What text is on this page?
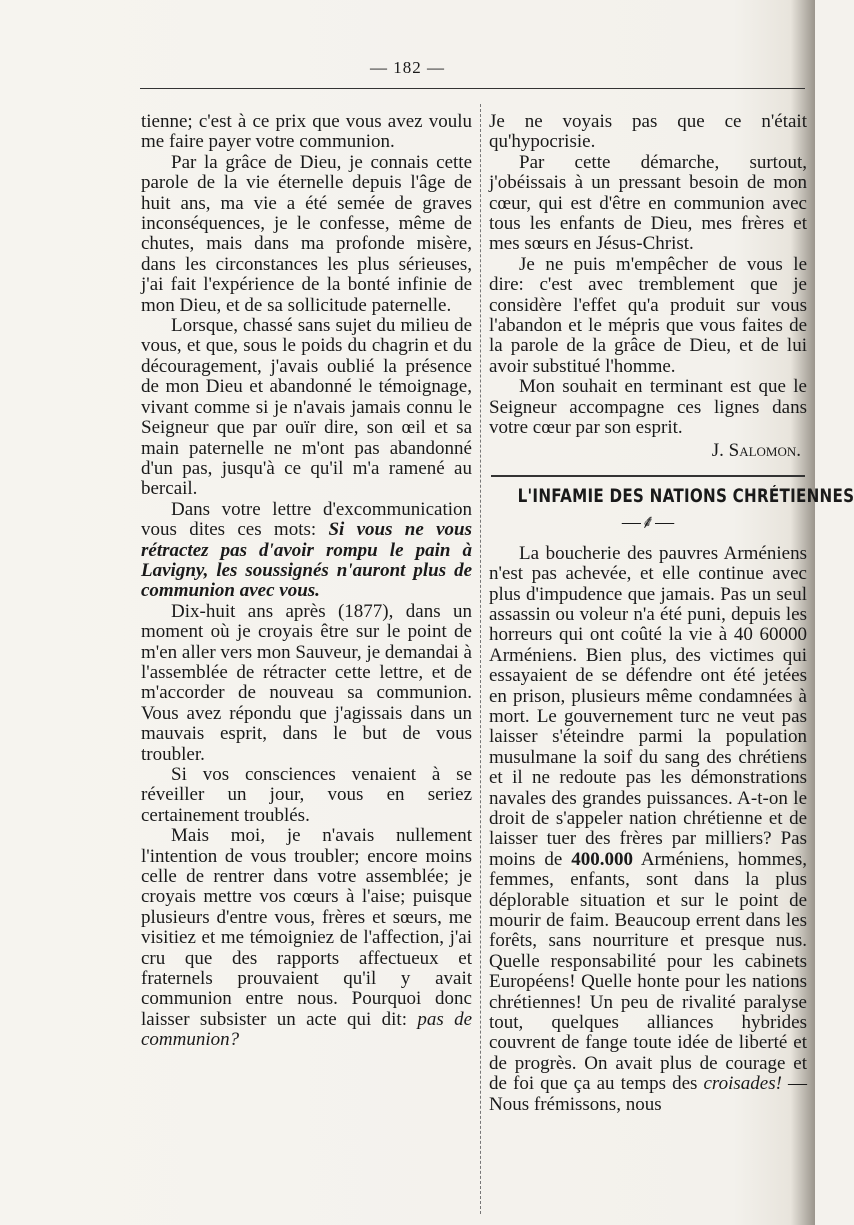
— 182 —

tienne; c'est à ce prix que vous avez voulu me faire payer votre communion.

Par la grâce de Dieu, je connais cette parole de la vie éternelle depuis l'âge de huit ans, ma vie a été semée de graves inconséquences, je le confesse, même de chutes, mais dans ma profonde misère, dans les circonstances les plus sérieuses, j'ai fait l'expérience de la bonté infinie de mon Dieu, et de sa sollicitude paternelle.

Lorsque, chassé sans sujet du milieu de vous, et que, sous le poids du chagrin et du découragement, j'avais oublié la présence de mon Dieu et abandonné le témoignage, vivant comme si je n'avais jamais connu le Seigneur que par ouïr dire, son œil et sa main paternelle ne m'ont pas abandonné d'un pas, jusqu'à ce qu'il m'a ramené au bercail.

Dans votre lettre d'excommunication vous dites ces mots: Si vous ne vous rétractez pas d'avoir rompu le pain à Lavigny, les soussignés n'auront plus de communion avec vous.

Dix-huit ans après (1877), dans un moment où je croyais être sur le point de m'en aller vers mon Sauveur, je demandai à l'assemblée de rétracter cette lettre, et de m'accorder de nouveau sa communion. Vous avez répondu que j'agissais dans un mauvais esprit, dans le but de vous troubler.

Si vos consciences venaient à se réveiller un jour, vous en seriez certainement troublés.

Mais moi, je n'avais nullement l'intention de vous troubler; encore moins celle de rentrer dans votre assemblée; je croyais mettre vos cœurs à l'aise; puisque plusieurs d'entre vous, frères et sœurs, me visitiez et me témoigniez de l'affection, j'ai cru que des rapports affectueux et fraternels prouvaient qu'il y avait communion entre nous. Pourquoi donc laisser subsister un acte qui dit: pas de communion?

Je ne voyais pas que ce n'était qu'hypocrisie.

Par cette démarche, surtout, j'obéissais à un pressant besoin de mon cœur, qui est d'être en communion avec tous les enfants de Dieu, mes frères et mes sœurs en Jésus-Christ.

Je ne puis m'empêcher de vous le dire: c'est avec tremblement que je considère l'effet qu'a produit sur vous l'abandon et le mépris que vous faites de la parole de la grâce de Dieu, et de lui avoir substitué l'homme.

Mon souhait en terminant est que le Seigneur accompagne ces lignes dans votre cœur par son esprit.

J. Salomon.

L'INFAMIE DES NATIONS CHRÉTIENNES
—⸙—

La boucherie des pauvres Arméniens n'est pas achevée, et elle continue avec plus d'impudence que jamais. Pas un seul assassin ou voleur n'a été puni, depuis les horreurs qui ont coûté la vie à 40 60000 Arméniens. Bien plus, des victimes qui essayaient de se défendre ont été jetées en prison, plusieurs même condamnées à mort. Le gouvernement turc ne veut pas laisser s'éteindre parmi la population musulmane la soif du sang des chrétiens et il ne redoute pas les démonstrations navales des grandes puissances. A-t-on le droit de s'appeler nation chrétienne et de laisser tuer des frères par milliers? Pas moins de 400.000 Arméniens, hommes, femmes, enfants, sont dans la plus déplorable situation et sur le point de mourir de faim. Beaucoup errent dans les forêts, sans nourriture et presque nus. Quelle responsabilité pour les cabinets Européens! Quelle honte pour les nations chrétiennes! Un peu de rivalité paralyse tout, quelques alliances hybrides couvrent de fange toute idée de liberté et de progrès. On avait plus de courage et de foi que ça au temps des croisades! — Nous frémissons, nous
